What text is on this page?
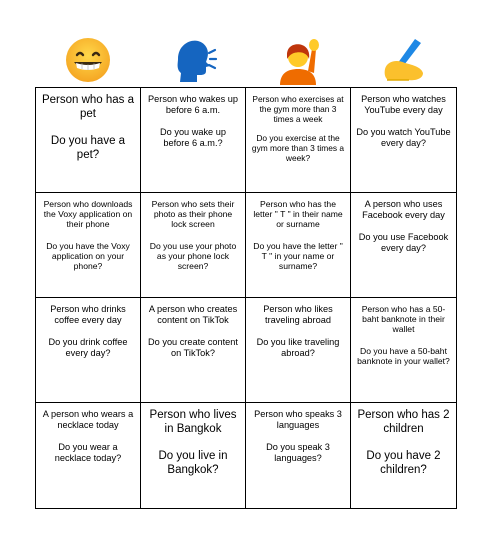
Person who has a pet
Do you have a pet?
Person who wakes up before 6 a.m.
Do you wake up before 6 a.m.?
Person who exercises at the gym more than 3 times a week
Do you exercise at the gym more than 3 times a week?
Person who watches YouTube every day
Do you watch YouTube every day?
Person who downloads the Voxy application on their phone
Do you have the Voxy application on your phone?
Person who sets their photo as their phone lock screen
Do you use your photo as your phone lock screen?
Person who has the letter " T " in their name or surname
Do you have the letter " T " in your name or surname?
A person who uses Facebook every day
Do you use Facebook every day?
Person who drinks coffee every day
Do you drink coffee every day?
A person who creates content on TikTok
Do you create content on TikTok?
Person who likes traveling abroad
Do you like traveling abroad?
Person who has a 50-baht banknote in their wallet
Do you have a 50-baht banknote in your wallet?
A person who wears a necklace today
Do you wear a necklace today?
Person who lives in Bangkok
Do you live in Bangkok?
Person who speaks 3 languages
Do you speak 3 languages?
Person who has 2 children
Do you have 2 children?
